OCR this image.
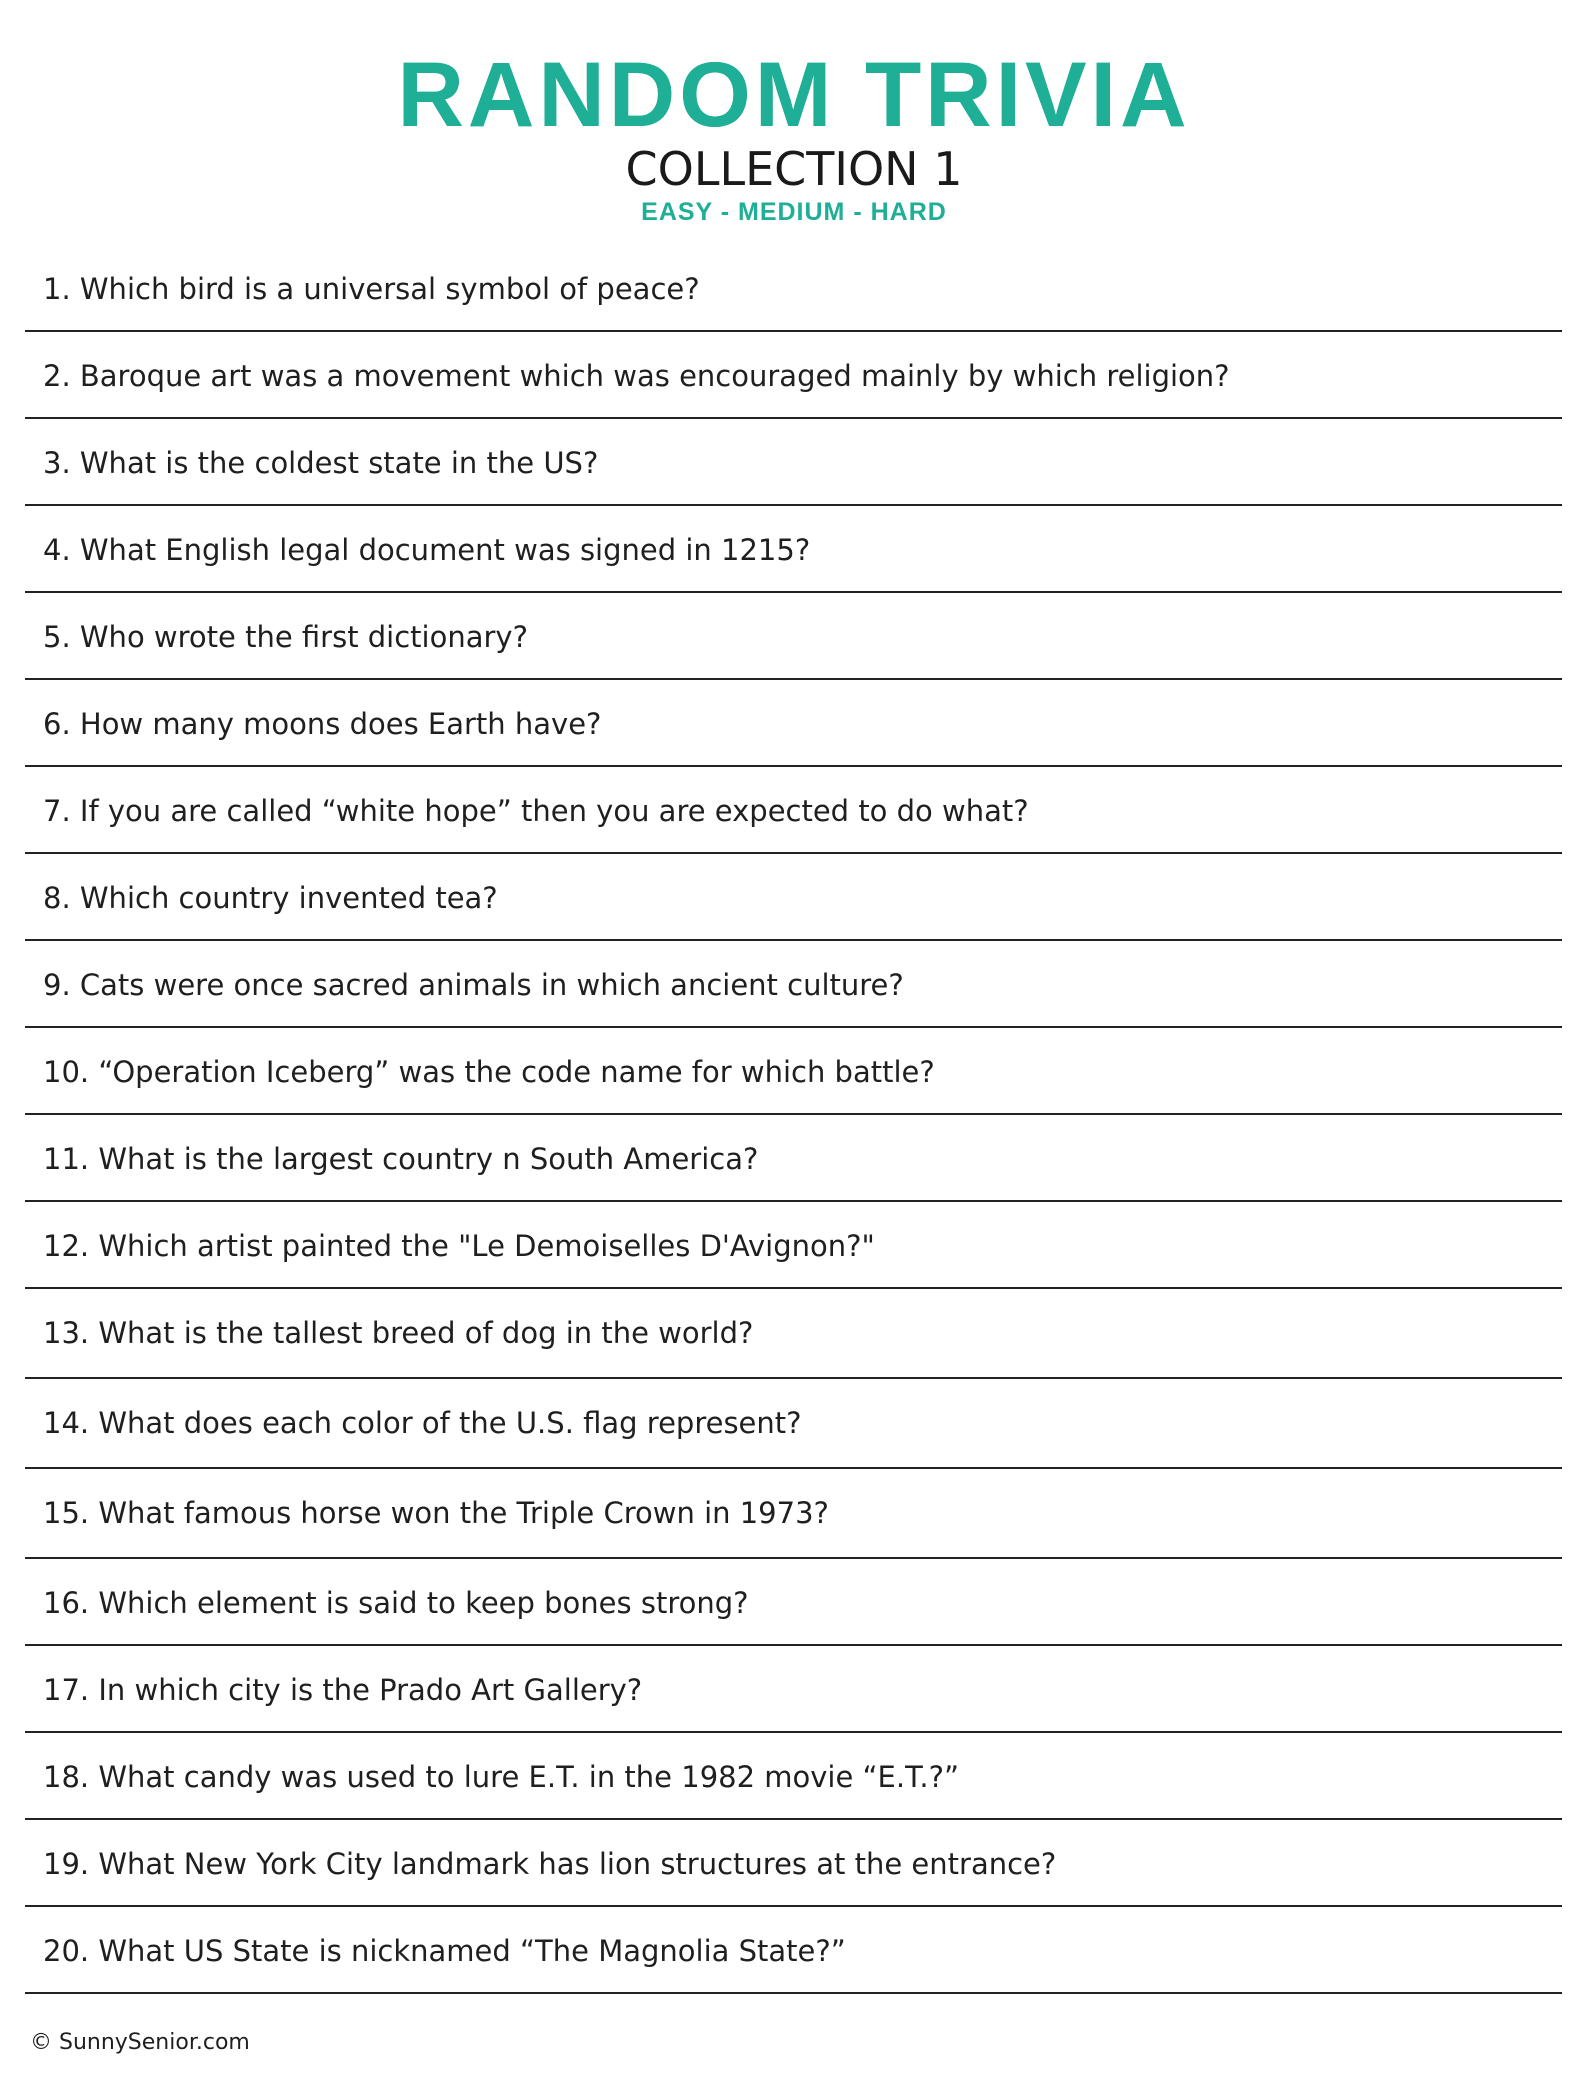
RANDOM TRIVIA
COLLECTION 1
EASY - MEDIUM - HARD
1. Which bird is a universal symbol of peace?
2. Baroque art was a movement which was encouraged mainly by which religion?
3. What is the coldest state in the US?
4. What English legal document was signed in 1215?
5. Who wrote the first dictionary?
6. How many moons does Earth have?
7. If you are called “white hope” then you are expected to do what?
8. Which country invented tea?
9. Cats were once sacred animals in which ancient culture?
10. “Operation Iceberg” was the code name for which battle?
11. What is the largest country n South America?
12. Which artist painted the "Le Demoiselles D'Avignon?"
13. What is the tallest breed of dog in the world?
14. What does each color of the U.S. flag represent?
15. What famous horse won the Triple Crown in 1973?
16. Which element is said to keep bones strong?
17. In which city is the Prado Art Gallery?
18. What candy was used to lure E.T. in the 1982 movie “E.T.?”
19. What New York City landmark has lion structures at the entrance?
20. What US State is nicknamed “The Magnolia State?”
© SunnySenior.com
